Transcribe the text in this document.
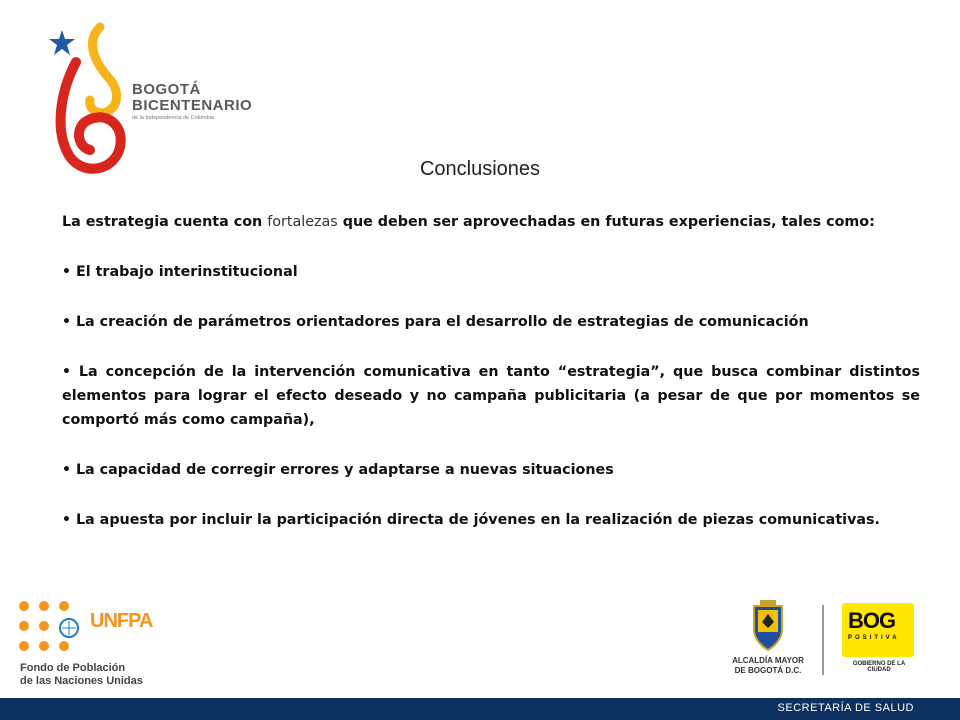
BOGOTÁ
BICENTENARIO
de la Independencia de Colombia
Conclusiones

La estrategia cuenta con fortalezas que deben ser aprovechadas en futuras experiencias, tales como:

• El trabajo interinstitucional

• La creación de parámetros orientadores para el desarrollo de estrategias de comunicación

• La concepción de la intervención comunicativa en tanto “estrategia”, que busca combinar distintos elementos para lograr el efecto deseado y no campaña publicitaria (a pesar de que por momentos se comportó más como campaña),

• La capacidad de corregir errores y adaptarse a nuevas situaciones

• La apuesta por incluir la participación directa de jóvenes en la realización de piezas comunicativas.

UNFPA
Fondo de Población
de las Naciones Unidas
ALCALDÍA MAYOR
DE BOGOTÁ D.C.
BOG
POSITIVA
GOBIERNO DE LA CIUDAD
SECRETARÍA DE SALUD
